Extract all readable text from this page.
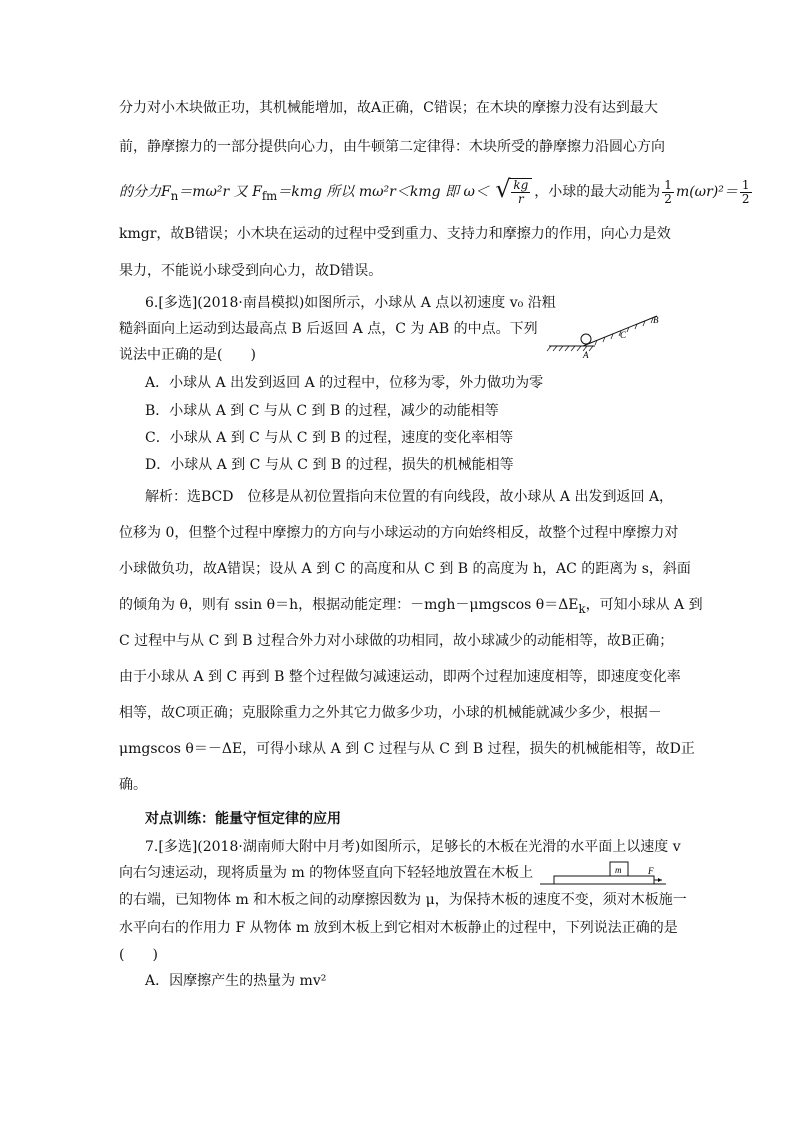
分力对小木块做正功，其机械能增加，故A正确，C错误；在木块的摩擦力没有达到最大
前，静摩擦力的一部分提供向心力，由牛顿第二定律得：木块所受的静摩擦力沿圆心方向
的分力$F_n=m\omega^2r$ 又 $F_{fm}=kmg$ 所以 mω²r＜kmg 即 ω＜ √ $\frac{kg}{r}$ ，小球的最大动能为 $\frac{1}{2} m(\omega r)^2= \frac{1}{2}$
kmgr，故B错误；小木块在运动的过程中受到重力、支持力和摩擦力的作用，向心力是效
果力，不能说小球受到向心力，故D错误。
6.[多选](2018·南昌模拟)如图所示，小球从 A 点以初速度 v₀ 沿粗
糙斜面向上运动到达最高点 B 后返回 A 点，C 为 AB 的中点。下列
说法中正确的是(　　)
A．小球从 A 出发到返回 A 的过程中，位移为零，外力做功为零
B．小球从 A 到 C 与从 C 到 B 的过程，减少的动能相等
C．小球从 A 到 C 与从 C 到 B 的过程，速度的变化率相等
D．小球从 A 到 C 与从 C 到 B 的过程，损失的机械能相等
A
C
B
解析：选BCD　位移是从初位置指向末位置的有向线段，故小球从 A 出发到返回 A，
位移为 0，但整个过程中摩擦力的方向与小球运动的方向始终相反，故整个过程中摩擦力对
小球做负功，故A错误；设从 A 到 C 的高度和从 C 到 B 的高度为 h，AC 的距离为 s，斜面
的倾角为 θ，则有 ssin θ＝h，根据动能定理：－mgh－μmgscos $\theta=\Delta E_k$，可知小球从 A 到
C 过程中与从 C 到 B 过程合外力对小球做的功相同，故小球减少的动能相等，故B正确；
由于小球从 A 到 C 再到 B 整个过程做匀减速运动，即两个过程加速度相等，即速度变化率
相等，故C项正确；克服除重力之外其它力做多少功，小球的机械能就减少多少，根据－
μmgscos θ＝－ΔE，可得小球从 A 到 C 过程与从 C 到 B 过程，损失的机械能相等，故D正
确。
对点训练：能量守恒定律的应用
7.[多选](2018·湖南师大附中月考)如图所示，足够长的木板在光滑的水平面上以速度 v
向右匀速运动，现将质量为 m 的物体竖直向下轻轻地放置在木板上
的右端，已知物体 m 和木板之间的动摩擦因数为 μ，为保持木板的速度不变，须对木板施一
水平向右的作用力 F 从物体 m 放到木板上到它相对木板静止的过程中，下列说法正确的是
(　　)
A．因摩擦产生的热量为 mv²
m	F
